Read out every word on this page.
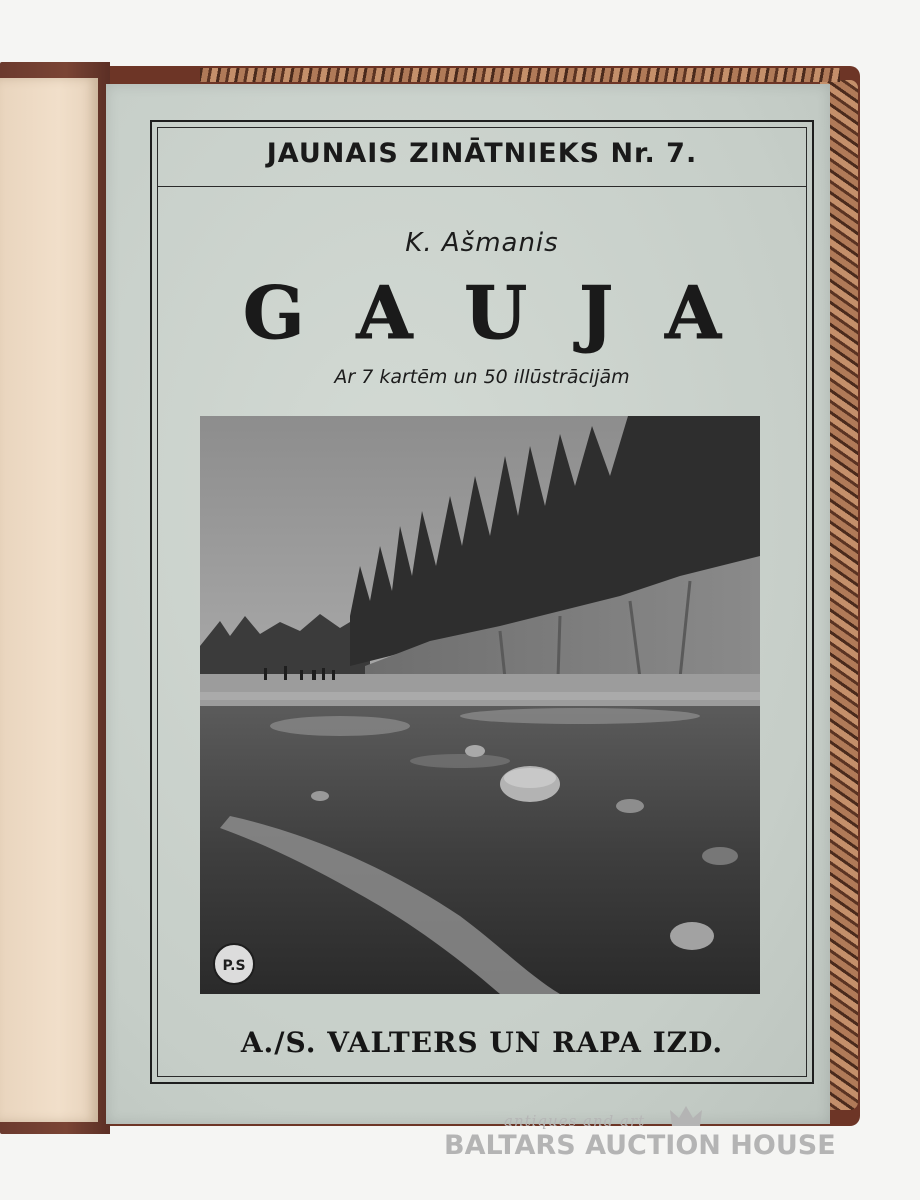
JAUNAIS ZINĀTNIEKS Nr. 7.
K. Ašmanis
GAUJA
Ar 7 kartēm un 50 illūstrācijām
P.S
A./S. VALTERS UN RAPA IZD.
antiques and art
BALTARS AUCTION HOUSE
